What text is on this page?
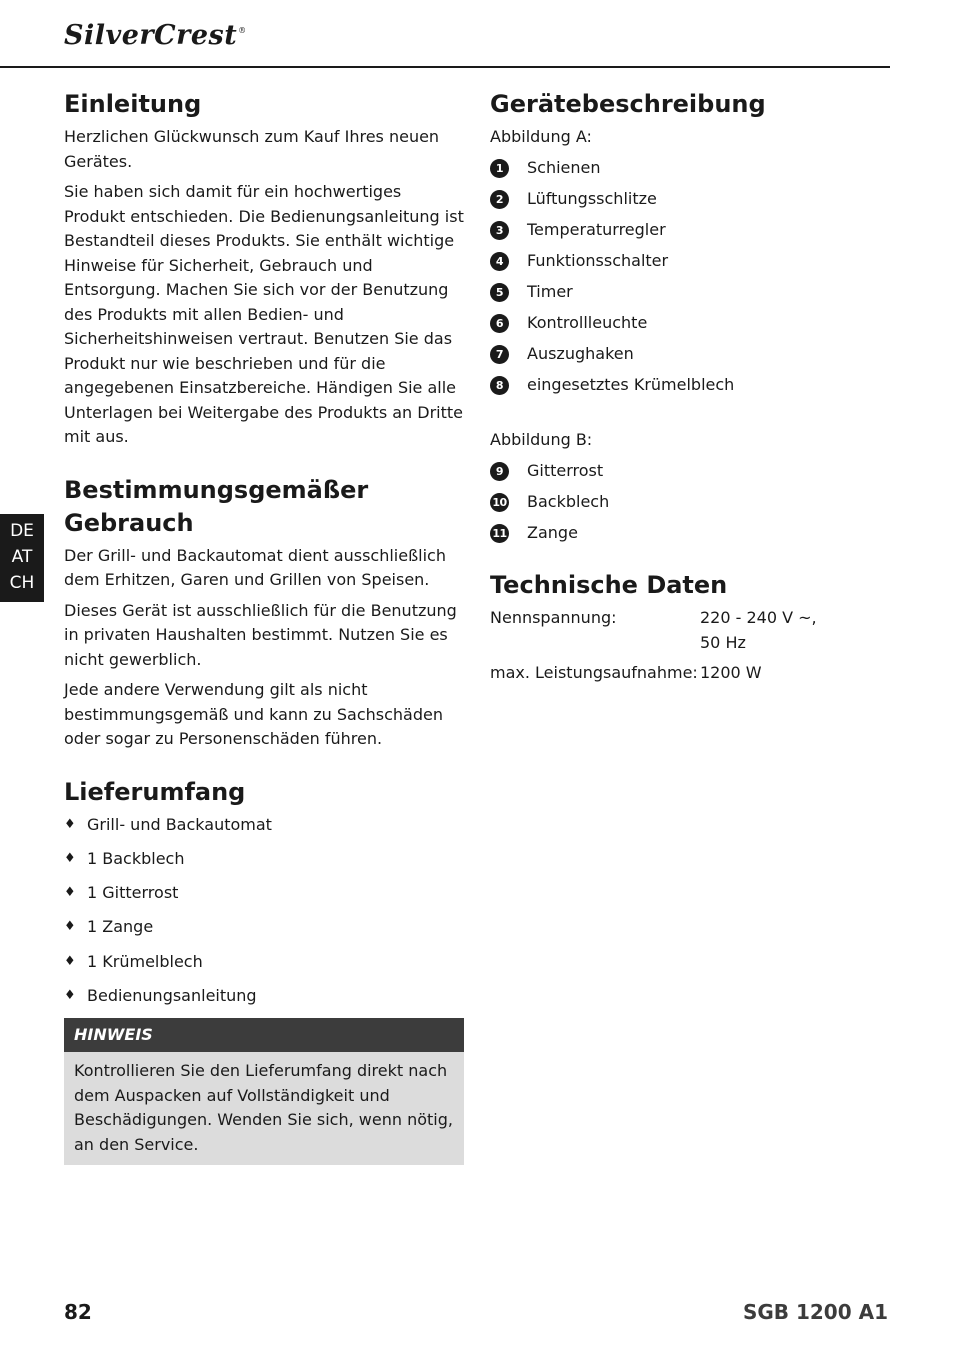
SilverCrest®
DE
AT
CH
Einleitung

Herzlichen Glückwunsch zum Kauf Ihres neuen Gerätes.

Sie haben sich damit für ein hochwertiges Produkt entschieden. Die Bedienungsanleitung ist Bestandteil dieses Produkts. Sie enthält wichtige Hinweise für Sicherheit, Gebrauch und Entsorgung. Machen Sie sich vor der Benutzung des Produkts mit allen Bedien- und Sicherheitshinweisen vertraut. Benutzen Sie das Produkt nur wie beschrieben und für die angegebenen Einsatzbereiche. Händigen Sie alle Unterlagen bei Weitergabe des Produkts an Dritte mit aus.

Bestimmungsgemäßer Gebrauch

Der Grill- und Backautomat dient ausschließlich dem Erhitzen, Garen und Grillen von Speisen.

Dieses Gerät ist ausschließlich für die Benutzung in privaten Haushalten bestimmt. Nutzen Sie es nicht gewerblich.

Jede andere Verwendung gilt als nicht bestimmungsgemäß und kann zu Sachschäden oder sogar zu Personenschäden führen.

Lieferumfang
♦ Grill- und Backautomat
♦ 1 Backblech
♦ 1 Gitterrost
♦ 1 Zange
♦ 1 Krümelblech
♦ Bedienungsanleitung
HINWEIS
Kontrollieren Sie den Lieferumfang direkt nach dem Auspacken auf Vollständigkeit und Beschädigungen. Wenden Sie sich, wenn nötig, an den Service.
Gerätebeschreibung
Abbildung A:
1	Schienen
2	Lüftungsschlitze
3	Temperaturregler
4	Funktionsschalter
5	Timer
6	Kontrollleuchte
7	Auszughaken
8	eingesetztes Krümelblech
Abbildung B:
9	Gitterrost
10 Backblech
11 Zange
Technische Daten
Nennspannung:	220 - 240 V ~,
50 Hz

max. Leistungsaufnahme:	1200 W
82	SGB 1200 A1
